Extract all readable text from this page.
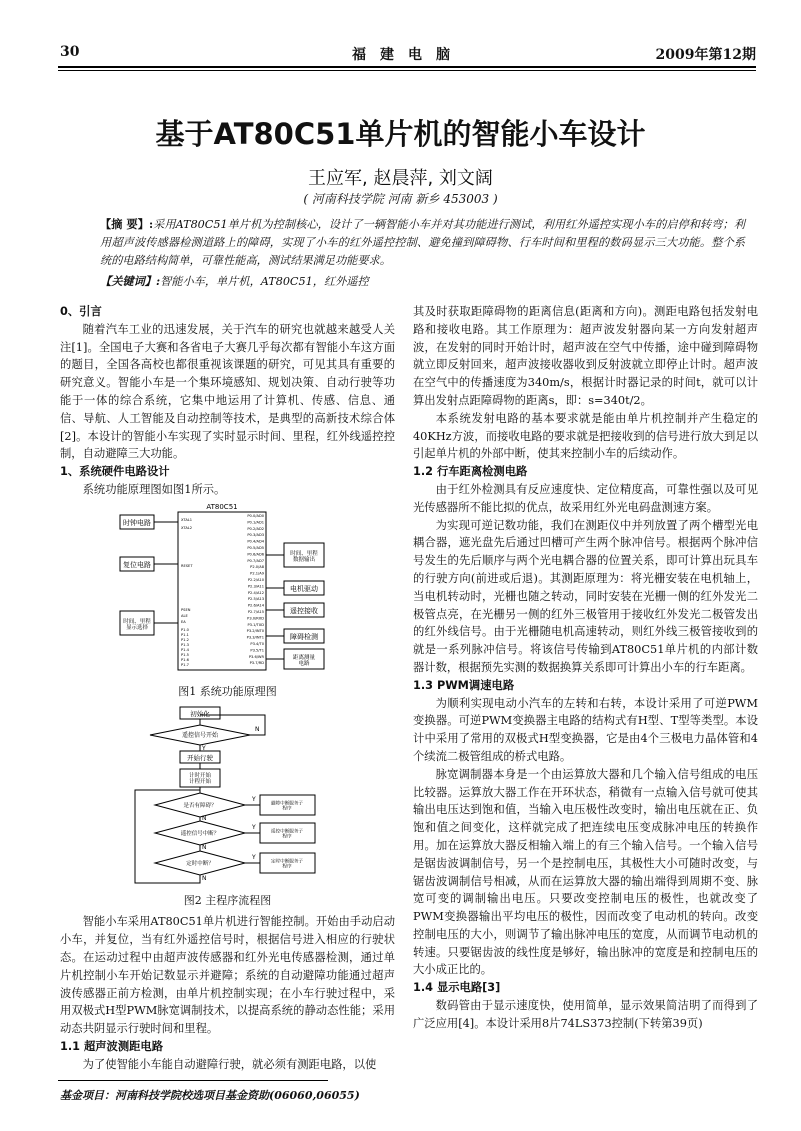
30	福建电脑	2009年第12期
基于AT80C51单片机的智能小车设计
王应军, 赵晨萍, 刘文阔
( 河南科技学院 河南 新乡 453003 )
【摘 要】:采用AT80C51单片机为控制核心，设计了一辆智能小车并对其功能进行测试，利用红外遥控实现小车的启停和转弯；利用超声波传感器检测道路上的障碍，实现了小车的红外遥控控制、避免撞到障碍物、行车时间和里程的数码显示三大功能。整个系统的电路结构简单，可靠性能高，测试结果满足功能要求。
【关键词】:智能小车，单片机，AT80C51，红外遥控
0、引言

随着汽车工业的迅速发展，关于汽车的研究也就越来越受人关注[1]。全国电子大赛和各省电子大赛几乎每次都有智能小车这方面的题目，全国各高校也都很重视该课题的研究，可见其具有重要的研究意义。智能小车是一个集环境感知、规划决策、自动行驶等功能于一体的综合系统，它集中地运用了计算机、传感、信息、通信、导航、人工智能及自动控制等技术，是典型的高新技术综合体[2]。本设计的智能小车实现了实时显示时间、里程，红外线遥控控制，自动避障三大功能。

1、系统硬件电路设计

系统功能原理图如图1所示。

AT80C51
时钟电路
复位电路
时间、里程显示选择
时间、里程数据输出
电机驱动
遥控接收
障碍检测
距离测量电路
XTAL1
XTAL2
RESET
PSEN
ALE
EA
P1.0
P1.1
P1.2
P1.3
P1.4
P1.5
P1.6
P1.7
P0.0/AD0
P0.1/AD1
P0.2/AD2
P0.3/AD3
P0.4/AD4
P0.5/AD5
P0.6/AD6
P0.7/AD7
P2.0/A8
P2.1/A9
P2.2/A10
P2.3/A11
P2.4/A12
P2.5/A13
P2.6/A14
P2.7/A15
P3.0/RXD
P3.1/TXD
P3.2/INT0
P3.3/INT1
P3.4/T0
P3.5/T1
P3.6/WR
P3.7/RD
图1 系统功能原理图
初始化
遥控信号开始
开始行驶
计时开始计程开始
是否有障碍？	避障中断服务子程序
遥控信号中断？	遥控中断服务子程序
定时中断？	定时中断服务子程序
Y
Y
Y
Y
N
N
N
N
图2 主程序流程图

智能小车采用AT80C51单片机进行智能控制。开始由手动启动小车，并复位，当有红外遥控信号时，根据信号进入相应的行驶状态。在运动过程中由超声波传感器和红外光电传感器检测，通过单片机控制小车开始记数显示并避障；系统的自动避障功能通过超声波传感器正前方检测，由单片机控制实现；在小车行驶过程中，采用双极式H型PWM脉宽调制技术，以提高系统的静动态性能；采用动态共阴显示行驶时间和里程。

1.1 超声波测距电路

为了使智能小车能自动避障行驶，就必须有测距电路，以使

其及时获取距障碍物的距离信息(距离和方向)。测距电路包括发射电路和接收电路。其工作原理为：超声波发射器向某一方向发射超声波，在发射的同时开始计时，超声波在空气中传播，途中碰到障碍物就立即反射回来，超声波接收器收到反射波就立即停止计时。超声波在空气中的传播速度为340m/s，根据计时器记录的时间t，就可以计算出发射点距障碍物的距离s，即：s=340t/2。

本系统发射电路的基本要求就是能由单片机控制并产生稳定的40KHz方波，而接收电路的要求就是把接收到的信号进行放大到足以引起单片机的外部中断，使其来控制小车的后续动作。

1.2 行车距离检测电路

由于红外检测具有反应速度快、定位精度高，可靠性强以及可见光传感器所不能比拟的优点，故采用红外光电码盘测速方案。

为实现可逆记数功能，我们在测距仪中并列放置了两个槽型光电耦合器，遮光盘先后通过凹槽可产生两个脉冲信号。根据两个脉冲信号发生的先后顺序与两个光电耦合器的位置关系，即可计算出玩具车的行驶方向(前进或后退)。其测距原理为：将光栅安装在电机轴上，当电机转动时，光栅也随之转动，同时安装在光栅一侧的红外发光二极管点亮，在光栅另一侧的红外三极管用于接收红外发光二极管发出的红外线信号。由于光栅随电机高速转动，则红外线三极管接收到的就是一系列脉冲信号。将该信号传输到AT80C51单片机的内部计数器计数，根据预先实测的数据换算关系即可计算出小车的行车距离。

1.3 PWM调速电路

为顺利实现电动小汽车的左转和右转，本设计采用了可逆PWM变换器。可逆PWM变换器主电路的结构式有H型、T型等类型。本设计中采用了常用的双极式H型变换器，它是由4个三极电力晶体管和4个续流二极管组成的桥式电路。

脉宽调制器本身是一个由运算放大器和几个输入信号组成的电压比较器。运算放大器工作在开环状态，稍微有一点输入信号就可使其输出电压达到饱和值，当输入电压极性改变时，输出电压就在正、负饱和值之间变化，这样就完成了把连续电压变成脉冲电压的转换作用。加在运算放大器反相输入端上的有三个输入信号。一个输入信号是锯齿波调制信号，另一个是控制电压，其极性大小可随时改变，与锯齿波调制信号相减，从而在运算放大器的输出端得到周期不变、脉宽可变的调制输出电压。只要改变控制电压的极性，也就改变了PWM变换器输出平均电压的极性，因而改变了电动机的转向。改变控制电压的大小，则调节了输出脉冲电压的宽度，从而调节电动机的转速。只要锯齿波的线性度是够好，输出脉冲的宽度是和控制电压的大小成正比的。

1.4 显示电路[3]

数码管由于显示速度快，使用简单，显示效果简洁明了而得到了广泛应用[4]。本设计采用8片74LS373控制(下转第39页)

基金项目：河南科技学院校选项目基金资助(06060,06055)
